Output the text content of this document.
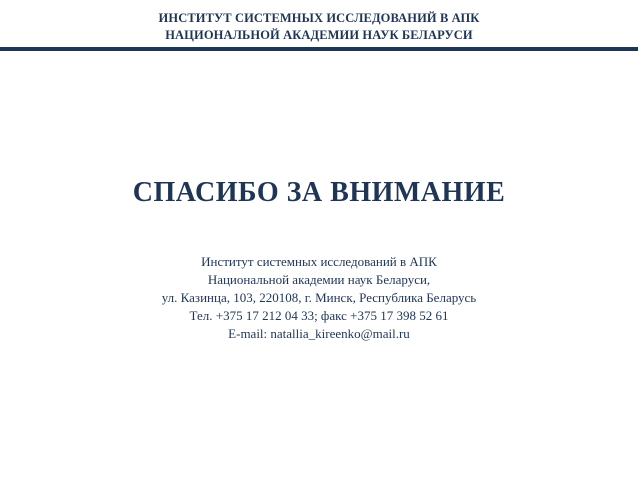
ИНСТИТУТ СИСТЕМНЫХ ИССЛЕДОВАНИЙ В АПК
НАЦИОНАЛЬНОЙ АКАДЕМИИ НАУК БЕЛАРУСИ
СПАСИБО ЗА ВНИМАНИЕ
Институт системных исследований в АПК
Национальной академии наук Беларуси,
ул. Казинца, 103, 220108, г. Минск, Республика Беларусь
Тел. +375 17 212 04 33; факс +375 17 398 52 61
E-mail: natallia_kireenko@mail.ru
